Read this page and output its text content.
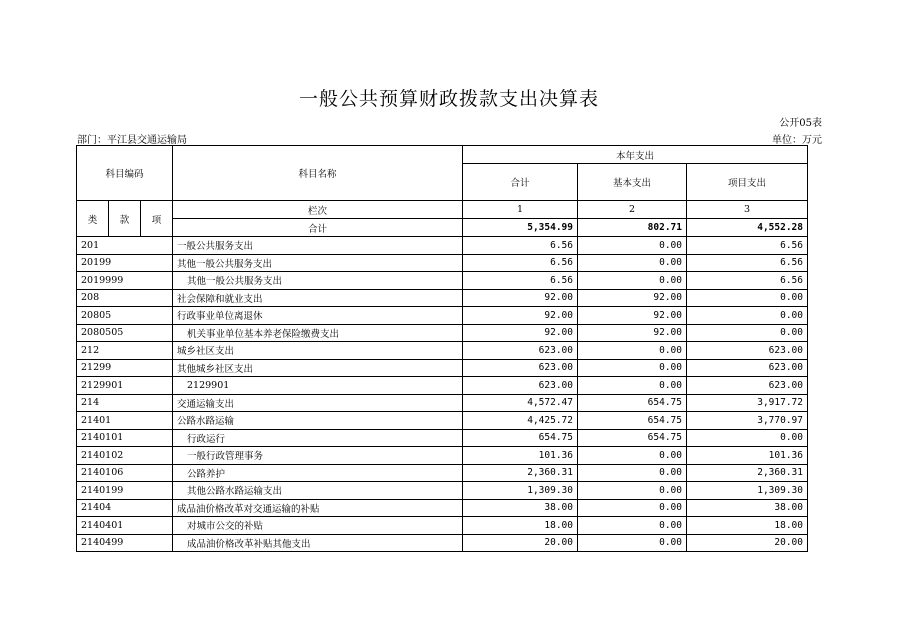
一般公共预算财政拨款支出决算表
公开05表
部门：平江县交通运输局	单位：万元
科目编码			科目名称	本年支出		
				合计	基本支出	项目支出
类	款	项	栏次	1	2	3
			合计	5,354.99	802.71	4,552.28
201			一般公共服务支出	6.56	0.00	6.56
20199			其他一般公共服务支出	6.56	0.00	6.56
2019999			其他一般公共服务支出	6.56	0.00	6.56
208			社会保障和就业支出	92.00	92.00	0.00
20805			行政事业单位离退休	92.00	92.00	0.00
2080505			机关事业单位基本养老保险缴费支出	92.00	92.00	0.00
212			城乡社区支出	623.00	0.00	623.00
21299			其他城乡社区支出	623.00	0.00	623.00
2129901			2129901	623.00	0.00	623.00
214			交通运输支出	4,572.47	654.75	3,917.72
21401			公路水路运输	4,425.72	654.75	3,770.97
2140101			行政运行	654.75	654.75	0.00
2140102			一般行政管理事务	101.36	0.00	101.36
2140106			公路养护	2,360.31	0.00	2,360.31
2140199			其他公路水路运输支出	1,309.30	0.00	1,309.30
21404			成品油价格改革对交通运输的补贴	38.00	0.00	38.00
2140401			对城市公交的补贴	18.00	0.00	18.00
2140499			成品油价格改革补贴其他支出	20.00	0.00	20.00
